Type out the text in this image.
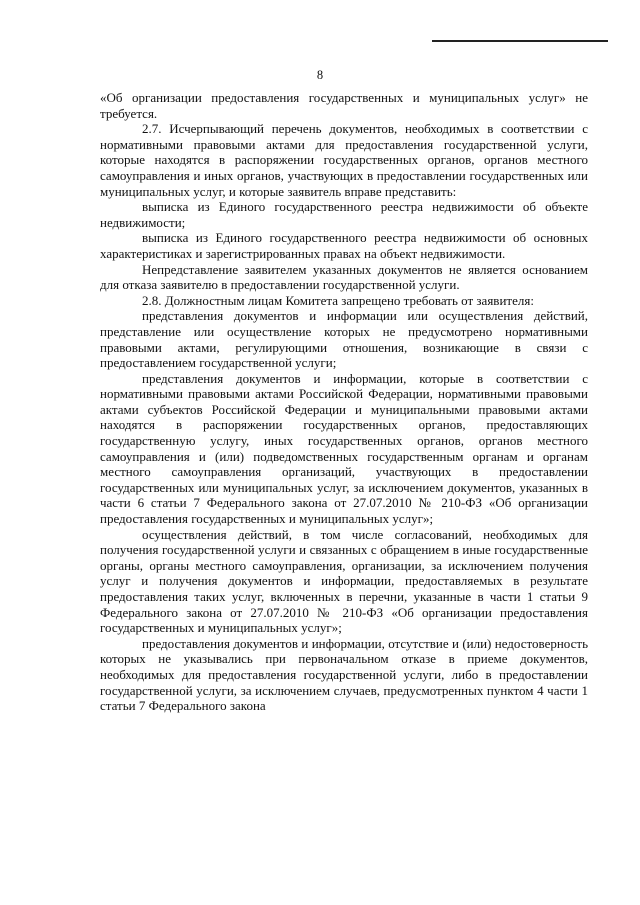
8

«Об организации предоставления государственных и муниципальных услуг» не требуется.

2.7. Исчерпывающий перечень документов, необходимых в соответствии с нормативными правовыми актами для предоставления государственной услуги, которые находятся в распоряжении государственных органов, органов местного самоуправления и иных органов, участвующих в предоставлении государственных или муниципальных услуг, и которые заявитель вправе представить:

выписка из Единого государственного реестра недвижимости об объекте недвижимости;

выписка из Единого государственного реестра недвижимости об основных характеристиках и зарегистрированных правах на объект недвижимости.

Непредставление заявителем указанных документов не является основанием для отказа заявителю в предоставлении государственной услуги.

2.8. Должностным лицам Комитета запрещено требовать от заявителя:

представления документов и информации или осуществления действий, представление или осуществление которых не предусмотрено нормативными правовыми актами, регулирующими отношения, возникающие в связи с предоставлением государственной услуги;

представления документов и информации, которые в соответствии с нормативными правовыми актами Российской Федерации, нормативными правовыми актами субъектов Российской Федерации и муниципальными правовыми актами находятся в распоряжении государственных органов, предоставляющих государственную услугу, иных государственных органов, органов местного самоуправления и (или) подведомственных государственным органам и органам местного самоуправления организаций, участвующих в предоставлении государственных или муниципальных услуг, за исключением документов, указанных в части 6 статьи 7 Федерального закона от 27.07.2010 № 210-ФЗ «Об организации предоставления государственных и муниципальных услуг»;

осуществления действий, в том числе согласований, необходимых для получения государственной услуги и связанных с обращением в иные государственные органы, органы местного самоуправления, организации, за исключением получения услуг и получения документов и информации, предоставляемых в результате предоставления таких услуг, включенных в перечни, указанные в части 1 статьи 9 Федерального закона от 27.07.2010 № 210-ФЗ «Об организации предоставления государственных и муниципальных услуг»;

предоставления документов и информации, отсутствие и (или) недостоверность которых не указывались при первоначальном отказе в приеме документов, необходимых для предоставления государственной услуги, либо в предоставлении государственной услуги, за исключением случаев, предусмотренных пунктом 4 части 1 статьи 7 Федерального закона
